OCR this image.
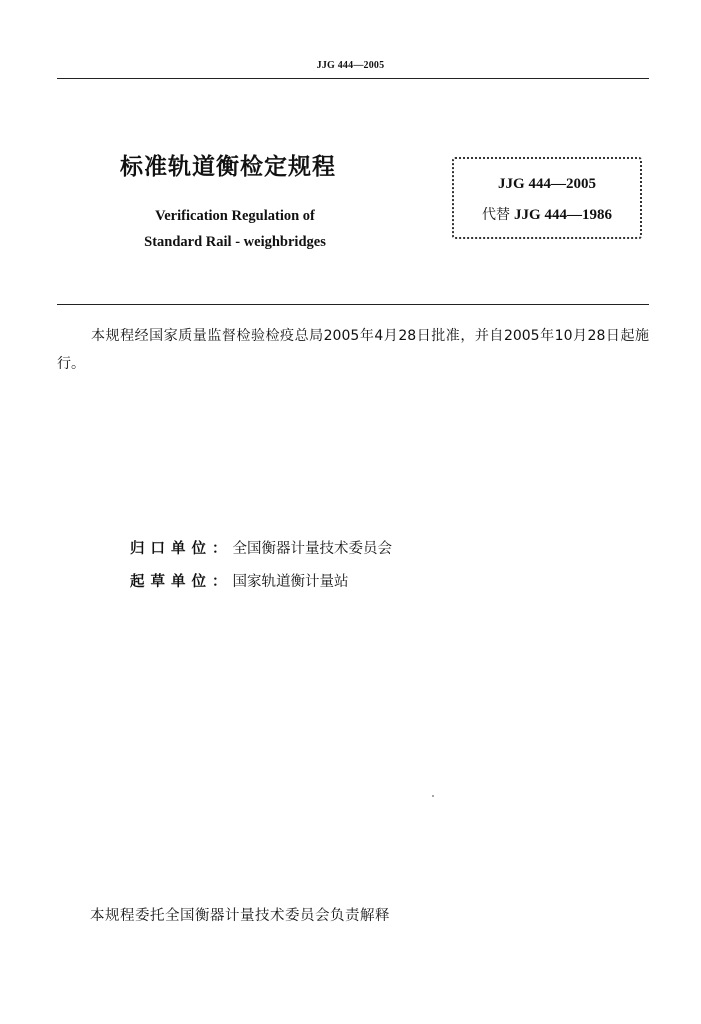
JJG 444—2005
标准轨道衡检定规程
Verification Regulation of
Standard Rail - weighbridges
JJG 444—2005
代替 JJG 444—1986
本规程经国家质量监督检验检疫总局2005年4月28日批准，并自2005年10月28日起施行。
归口单位：全国衡器计量技术委员会
起草单位：国家轨道衡计量站
本规程委托全国衡器计量技术委员会负责解释
